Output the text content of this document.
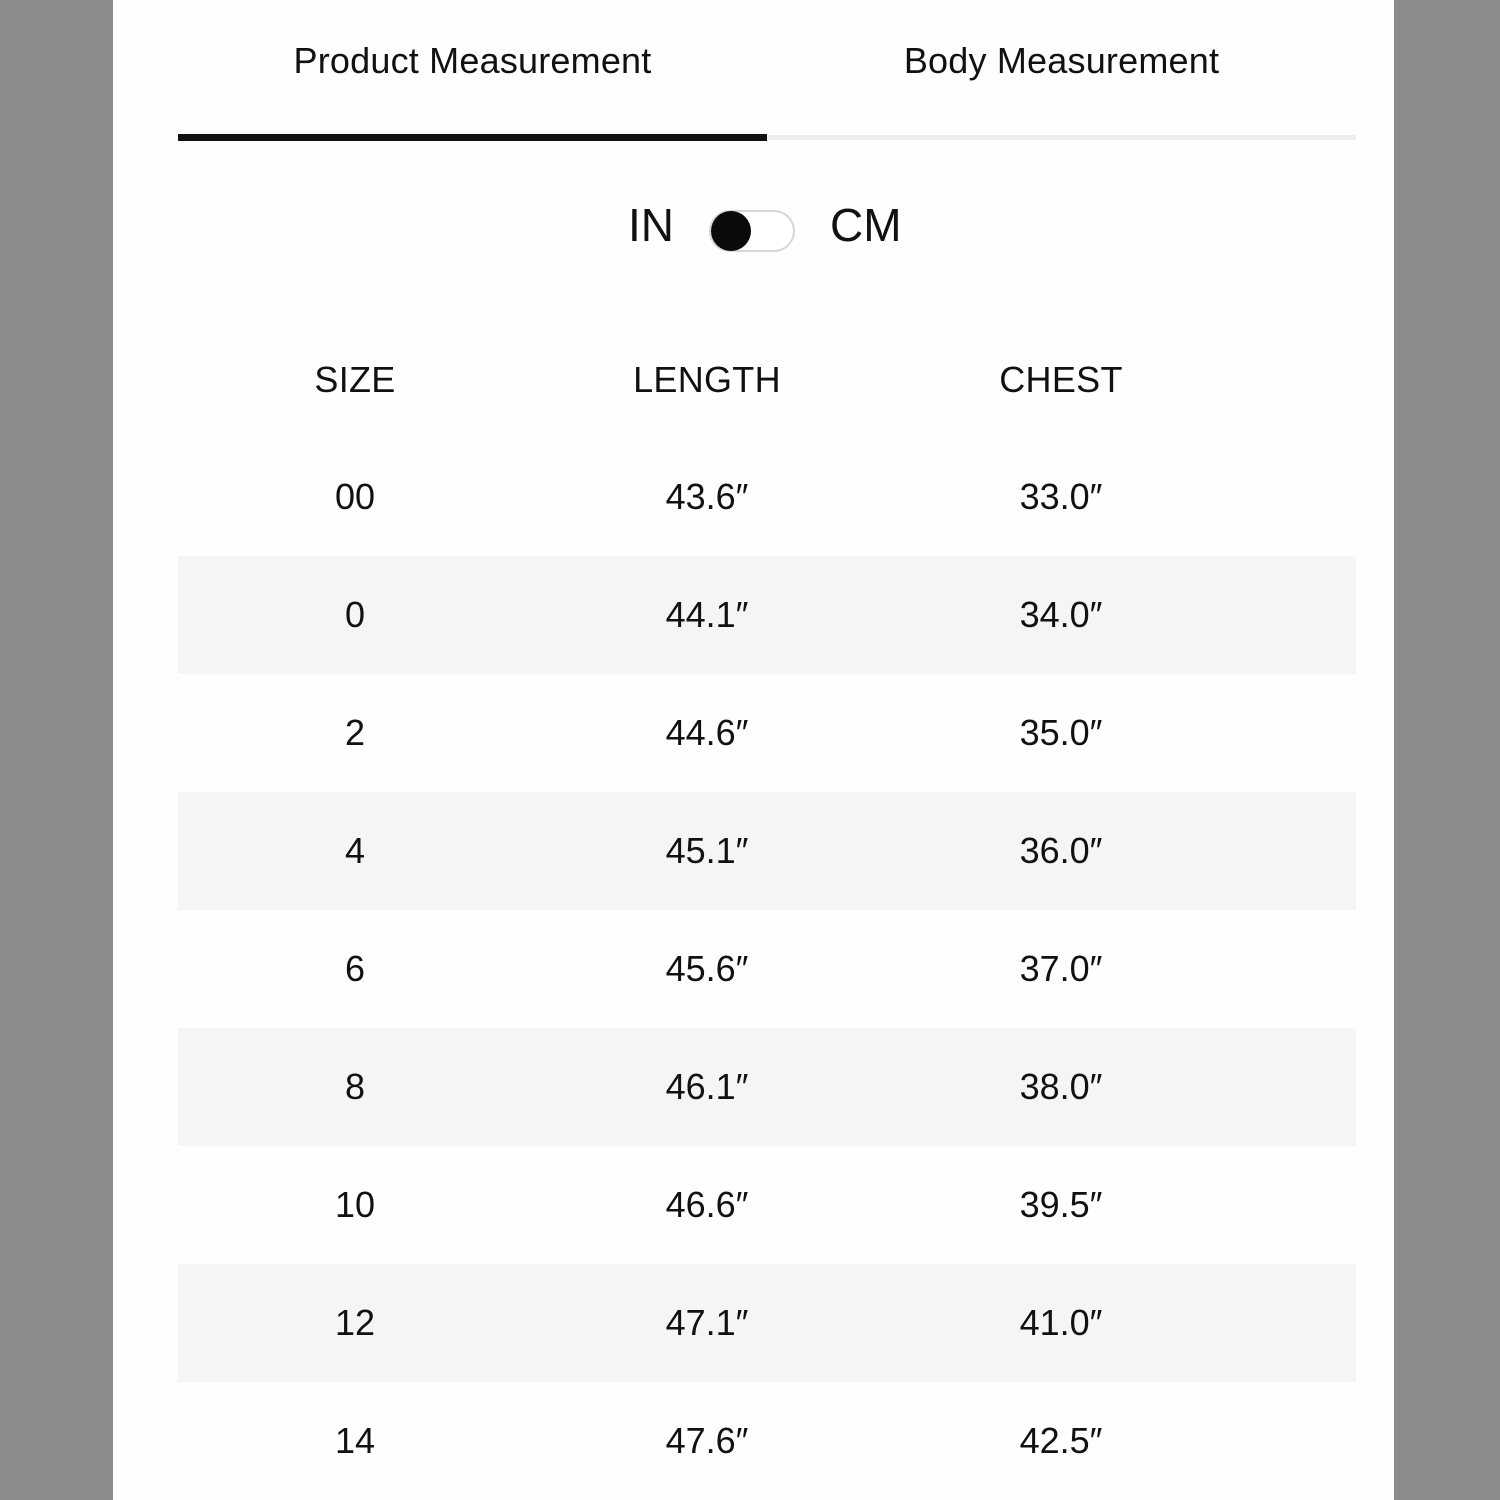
Product Measurement	Body Measurement
IN	CM
SIZE	LENGTH	CHEST
00	43.6″	33.0″
0	44.1″	34.0″
2	44.6″	35.0″
4	45.1″	36.0″
6	45.6″	37.0″
8	46.1″	38.0″
10	46.6″	39.5″
12	47.1″	41.0″
14	47.6″	42.5″
